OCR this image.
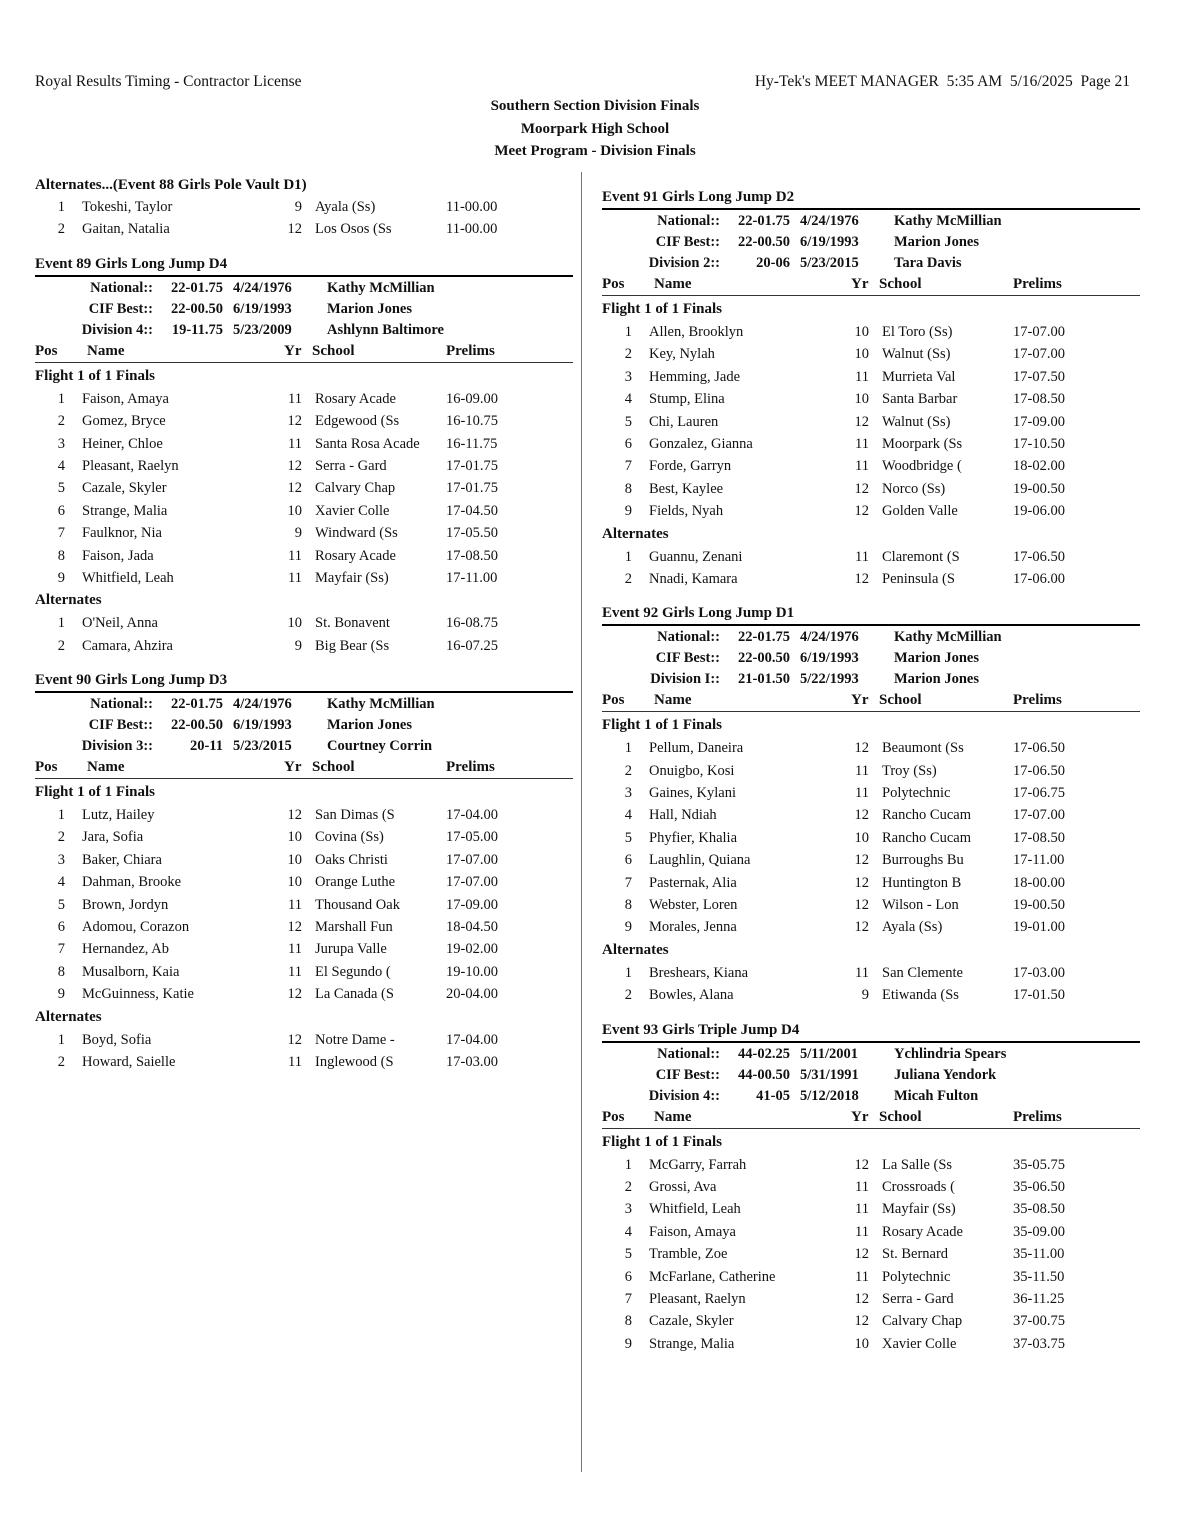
Royal Results Timing - Contractor License	Hy-Tek's MEET MANAGER  5:35 AM  5/16/2025  Page 21
Southern Section Division Finals
Moorpark High School
Meet Program - Division Finals
Alternates...(Event 88 Girls Pole Vault D1)
1 Tokeshi, Taylor	9 Ayala (Ss)	11-00.00
2 Gaitan, Natalia	12 Los Osos (Ss	11-00.00
Event 89 Girls Long Jump D4
National:: 22-01.75 4/24/1976 Kathy McMillian
CIF Best:: 22-00.50 6/19/1993 Marion Jones
Division 4:: 19-11.75 5/23/2009 Ashlynn Baltimore
Pos Name	Yr School	Prelims
Flight 1 of 1 Finals
1 Faison, Amaya	11 Rosary Acade	16-09.00
2 Gomez, Bryce	12 Edgewood (Ss	16-10.75
3 Heiner, Chloe	11 Santa Rosa Acade 16-11.75
4 Pleasant, Raelyn	12 Serra - Gard	17-01.75
5 Cazale, Skyler	12 Calvary Chap	17-01.75
6 Strange, Malia	10 Xavier Colle	17-04.50
7 Faulknor, Nia	9 Windward (Ss	17-05.50
8 Faison, Jada	11 Rosary Acade	17-08.50
9 Whitfield, Leah	11 Mayfair (Ss)	17-11.00
Alternates
1 O'Neil, Anna	10 St. Bonavent	16-08.75
2 Camara, Ahzira	9 Big Bear (Ss	16-07.25
Event 90 Girls Long Jump D3
National:: 22-01.75 4/24/1976 Kathy McMillian
CIF Best:: 22-00.50 6/19/1993 Marion Jones
Division 3::	20-11 5/23/2015 Courtney Corrin
Pos Name	Yr School	Prelims
Flight 1 of 1 Finals
1 Lutz, Hailey	12 San Dimas (S	17-04.00
2 Jara, Sofia	10 Covina (Ss)	17-05.00
3 Baker, Chiara	10 Oaks Christi	17-07.00
4 Dahman, Brooke	10 Orange Luthe	17-07.00
5 Brown, Jordyn	11 Thousand Oak	17-09.00
6 Adomou, Corazon	12 Marshall Fun	18-04.50
7 Hernandez, Ab	11 Jurupa Valle	19-02.00
8 Musalborn, Kaia	11 El Segundo (	19-10.00
9 McGuinness, Katie	12 La Canada (S	20-04.00
Alternates
1 Boyd, Sofia	12 Notre Dame -	17-04.00
2 Howard, Saielle	11 Inglewood (S	17-03.00
Event 91 Girls Long Jump D2
National:: 22-01.75 4/24/1976 Kathy McMillian
CIF Best:: 22-00.50 6/19/1993 Marion Jones
Division 2:: 20-06 5/23/2015 Tara Davis
Pos Name	Yr School	Prelims
Flight 1 of 1 Finals
1 Allen, Brooklyn	10 El Toro (Ss)	17-07.00
2 Key, Nylah	10 Walnut (Ss)	17-07.00
3 Hemming, Jade	11 Murrieta Val	17-07.50
4 Stump, Elina	10 Santa Barbar	17-08.50
5 Chi, Lauren	12 Walnut (Ss)	17-09.00
6 Gonzalez, Gianna	11 Moorpark (Ss	17-10.50
7 Forde, Garryn	11 Woodbridge (	18-02.00
8 Best, Kaylee	12 Norco (Ss)	19-00.50
9 Fields, Nyah	12 Golden Valle	19-06.00
Alternates
1 Guannu, Zenani	11 Claremont (S	17-06.50
2 Nnadi, Kamara	12 Peninsula (S	17-06.00
Event 92 Girls Long Jump D1
National:: 22-01.75 4/24/1976 Kathy McMillian
CIF Best:: 22-00.50 6/19/1993 Marion Jones
Division I:: 21-01.50 5/22/1993 Marion Jones
Pos Name	Yr School	Prelims
Flight 1 of 1 Finals
1 Pellum, Daneira	12 Beaumont (Ss	17-06.50
2 Onuigbo, Kosi	11 Troy (Ss)	17-06.50
3 Gaines, Kylani	11 Polytechnic	17-06.75
4 Hall, Ndiah	12 Rancho Cucam	17-07.00
5 Phyfier, Khalia	10 Rancho Cucam	17-08.50
6 Laughlin, Quiana	12 Burroughs Bu	17-11.00
7 Pasternak, Alia	12 Huntington B	18-00.00
8 Webster, Loren	12 Wilson - Lon	19-00.50
9 Morales, Jenna	12 Ayala (Ss)	19-01.00
Alternates
1 Breshears, Kiana	11 San Clemente	17-03.00
2 Bowles, Alana	9 Etiwanda (Ss	17-01.50
Event 93 Girls Triple Jump D4
National:: 44-02.25 5/11/2001 Ychlindria Spears
CIF Best:: 44-00.50 5/31/1991 Juliana Yendork
Division 4:: 41-05 5/12/2018 Micah Fulton
Pos Name	Yr School	Prelims
Flight 1 of 1 Finals
1 McGarry, Farrah	12 La Salle (Ss	35-05.75
2 Grossi, Ava	11 Crossroads (	35-06.50
3 Whitfield, Leah	11 Mayfair (Ss)	35-08.50
4 Faison, Amaya	11 Rosary Acade	35-09.00
5 Tramble, Zoe	12 St. Bernard	35-11.00
6 McFarlane, Catherine	11 Polytechnic	35-11.50
7 Pleasant, Raelyn	12 Serra - Gard	36-11.25
8 Cazale, Skyler	12 Calvary Chap	37-00.75
9 Strange, Malia	10 Xavier Colle	37-03.75
